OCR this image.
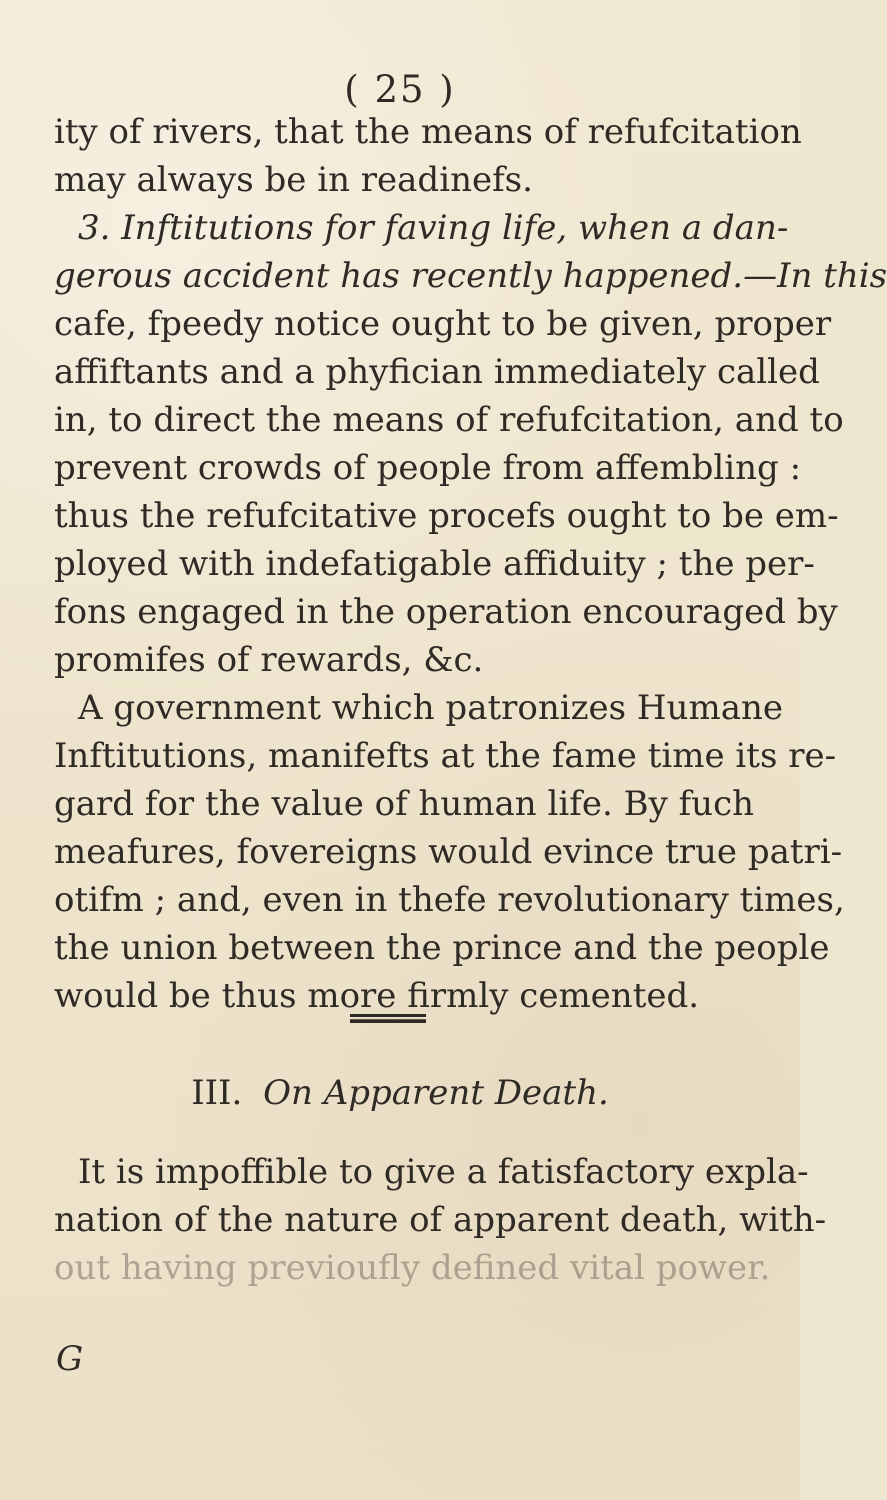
( 25 )
ity of rivers, that the means of refufcitation
may always be in readinefs.
3. Inftitutions for faving life, when a dan-
gerous accident has recently happened.—In this
cafe, fpeedy notice ought to be given, proper
affiftants and a phyfician immediately called
in, to direct the means of refufcitation, and to
prevent crowds of people from affembling :
thus the refufcitative procefs ought to be em-
ployed with indefatigable affiduity ; the per-
fons engaged in the operation encouraged by
promifes of rewards, &c.
A government which patronizes Humane
Inftitutions, manifefts at the fame time its re-
gard for the value of human life. By fuch
meafures, fovereigns would evince true patri-
otifm ; and, even in thefe revolutionary times,
the union between the prince and the people
would be thus more firmly cemented.
III. On Apparent Death.
It is impoffible to give a fatisfactory expla-
nation of the nature of apparent death, with-
out having previoufly defined vital power.
G
